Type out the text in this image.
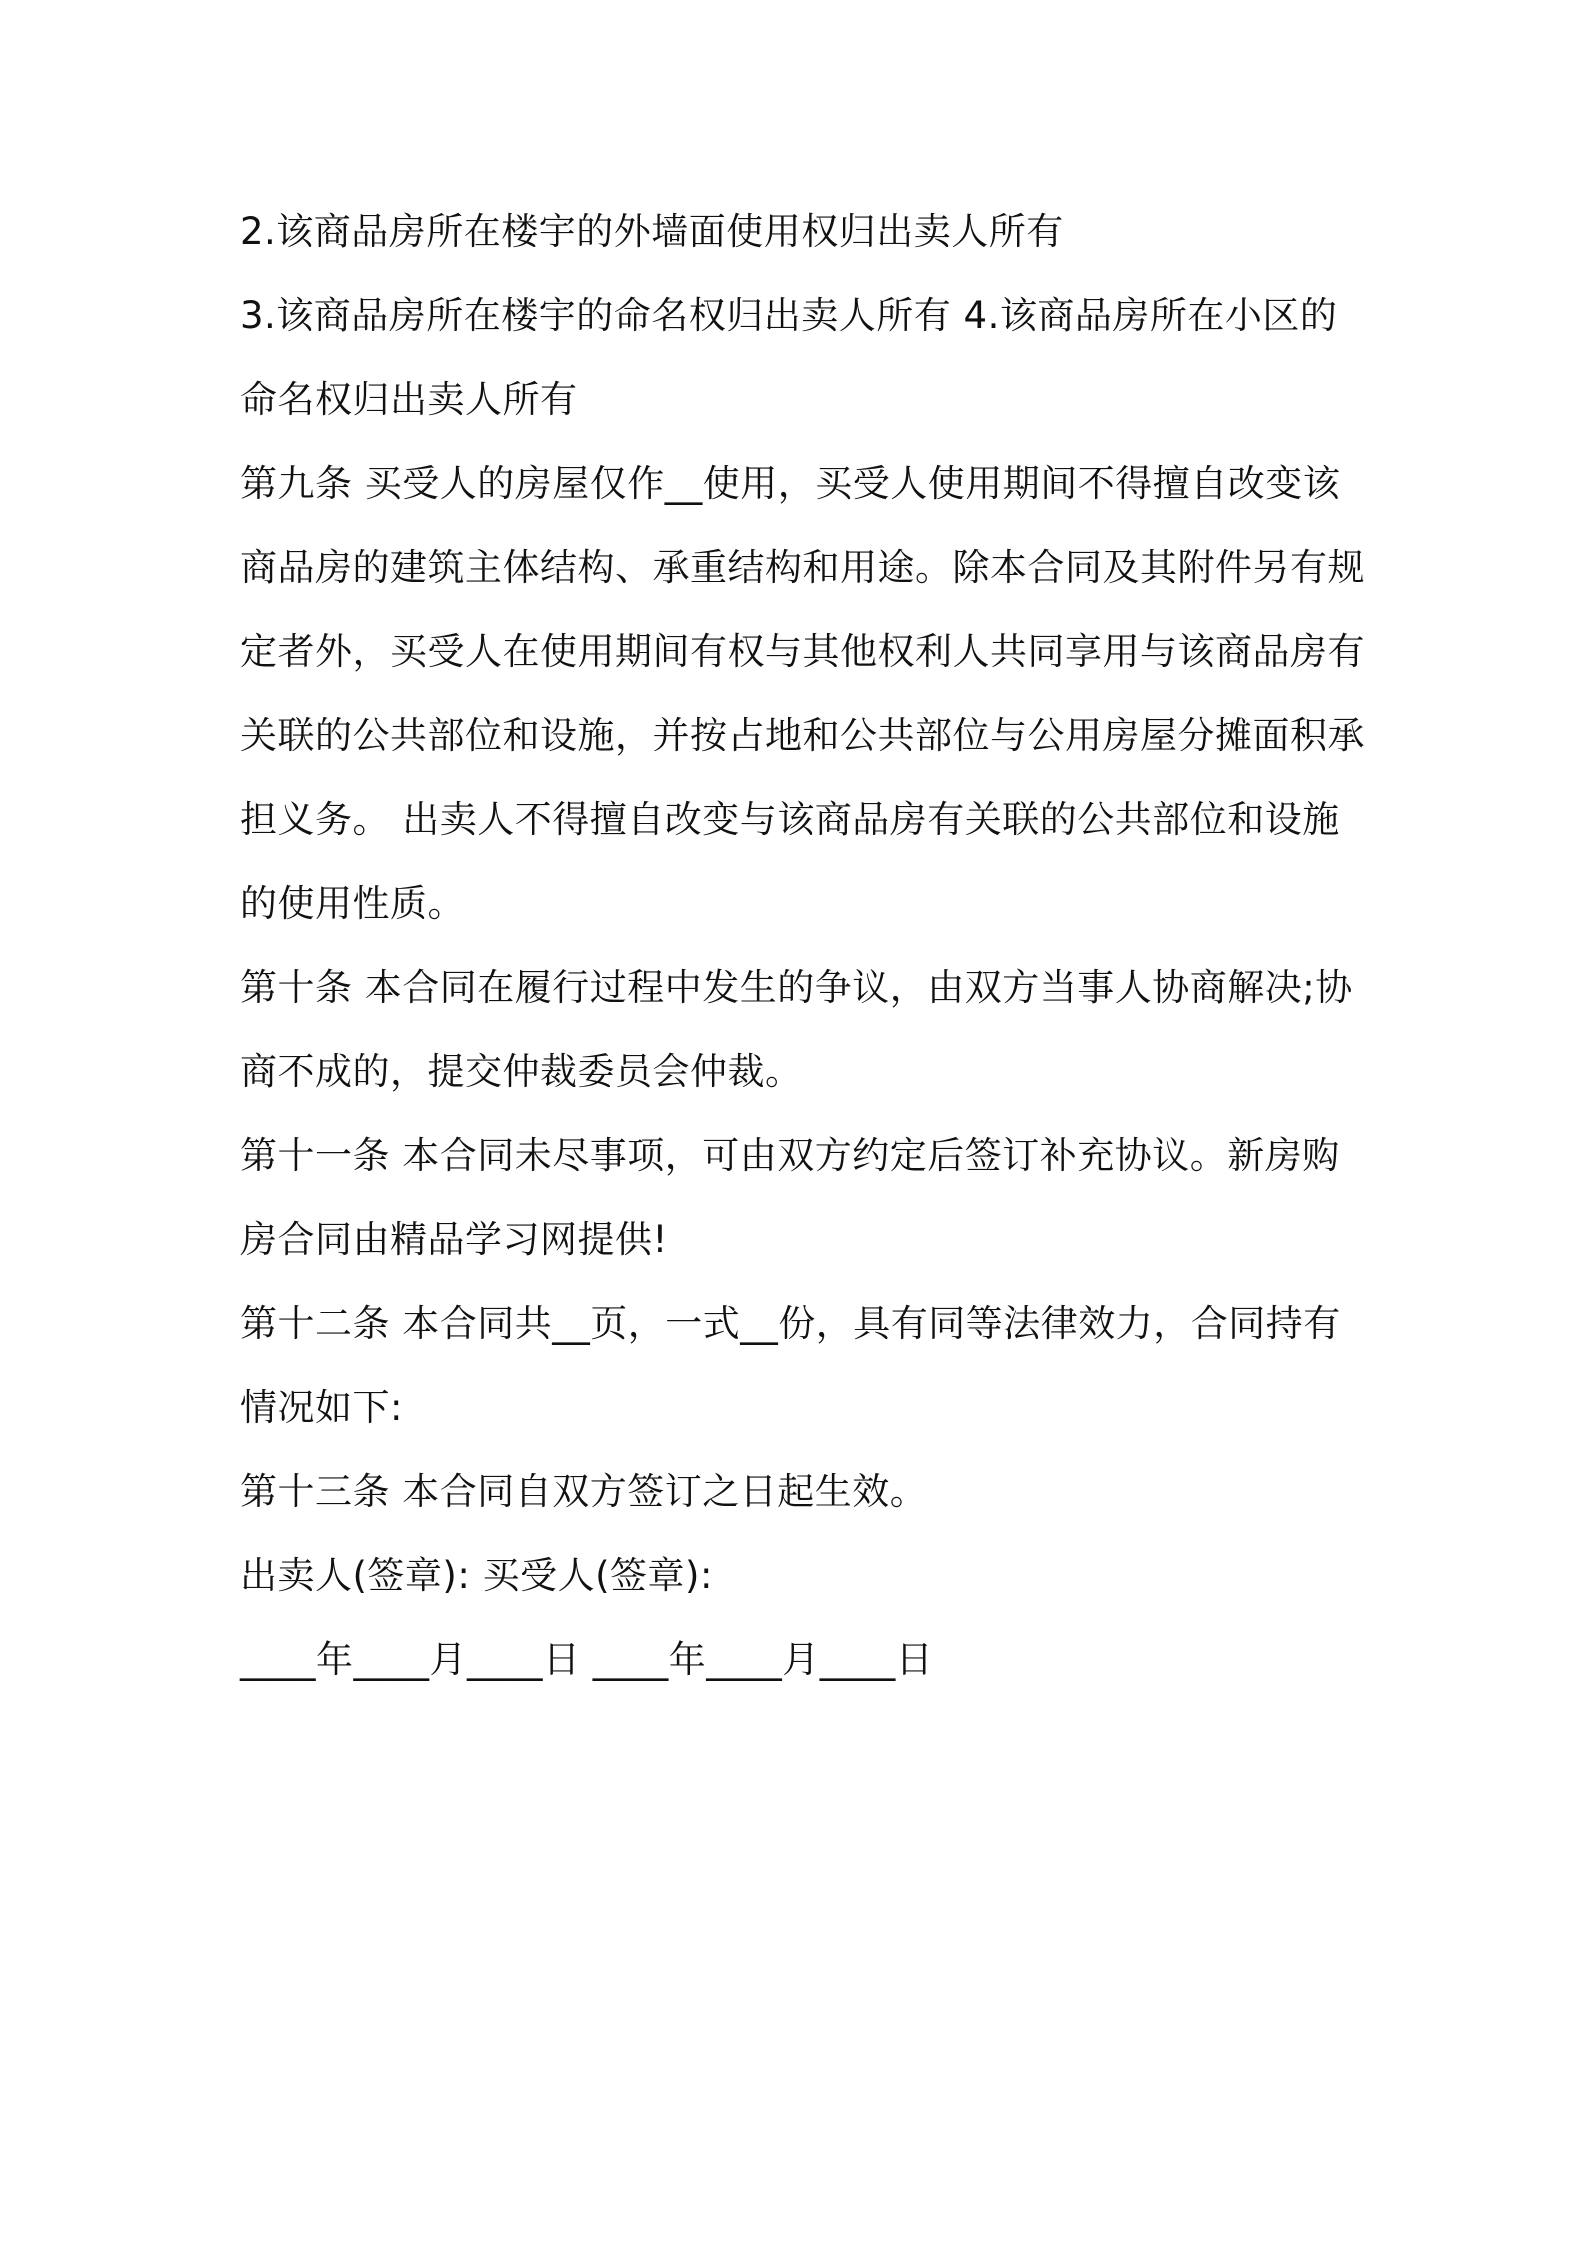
2.该商品房所在楼宇的外墙面使用权归出卖人所有
3.该商品房所在楼宇的命名权归出卖人所有 4.该商品房所在小区的
命名权归出卖人所有
第九条 买受人的房屋仅作__使用，买受人使用期间不得擅自改变该
商品房的建筑主体结构、承重结构和用途。除本合同及其附件另有规
定者外，买受人在使用期间有权与其他权利人共同享用与该商品房有
关联的公共部位和设施，并按占地和公共部位与公用房屋分摊面积承
担义务。 出卖人不得擅自改变与该商品房有关联的公共部位和设施
的使用性质。
第十条 本合同在履行过程中发生的争议，由双方当事人协商解决;协
商不成的，提交仲裁委员会仲裁。
第十一条 本合同未尽事项，可由双方约定后签订补充协议。新房购
房合同由精品学习网提供!
第十二条 本合同共__页，一式__份，具有同等法律效力，合同持有
情况如下:
第十三条 本合同自双方签订之日起生效。
出卖人(签章): 买受人(签章):
____年____月____日 ____年____月____日
